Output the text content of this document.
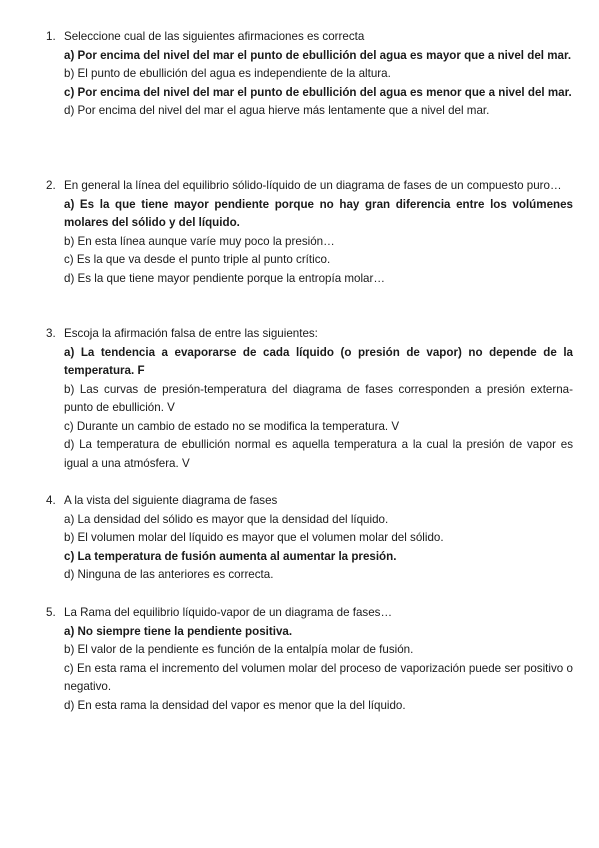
1. Seleccione cual de las siguientes afirmaciones es correcta
a) Por encima del nivel del mar el punto de ebullición del agua es mayor que a nivel del mar.
b) El punto de ebullición del agua es independiente de la altura.
c) Por encima del nivel del mar el punto de ebullición del agua es menor que a nivel del mar.
d) Por encima del nivel del mar el agua hierve más lentamente que a nivel del mar.
2. En general la línea del equilibrio sólido-líquido de un diagrama de fases de un compuesto puro…
a) Es la que tiene mayor pendiente porque no hay gran diferencia entre los volúmenes molares del sólido y del líquido.
b) En esta línea aunque varíe muy poco la presión…
c) Es la que va desde el punto triple al punto crítico.
d) Es la que tiene mayor pendiente porque la entropía molar…
3. Escoja la afirmación falsa de entre las siguientes:
a) La tendencia a evaporarse de cada líquido (o presión de vapor) no depende de la temperatura. F
b) Las curvas de presión-temperatura del diagrama de fases corresponden a presión externa-punto de ebullición. V
c) Durante un cambio de estado no se modifica la temperatura. V
d) La temperatura de ebullición normal es aquella temperatura a la cual la presión de vapor es igual a una atmósfera. V
4. A la vista del siguiente diagrama de fases
a) La densidad del sólido es mayor que la densidad del líquido.
b) El volumen molar del líquido es mayor que el volumen molar del sólido.
c) La temperatura de fusión aumenta al aumentar la presión.
d) Ninguna de las anteriores es correcta.
5. La Rama del equilibrio líquido-vapor de un diagrama de fases…
a) No siempre tiene la pendiente positiva.
b) El valor de la pendiente es función de la entalpía molar de fusión.
c) En esta rama el incremento del volumen molar del proceso de vaporización puede ser positivo o negativo.
d) En esta rama la densidad del vapor es menor que la del líquido.
